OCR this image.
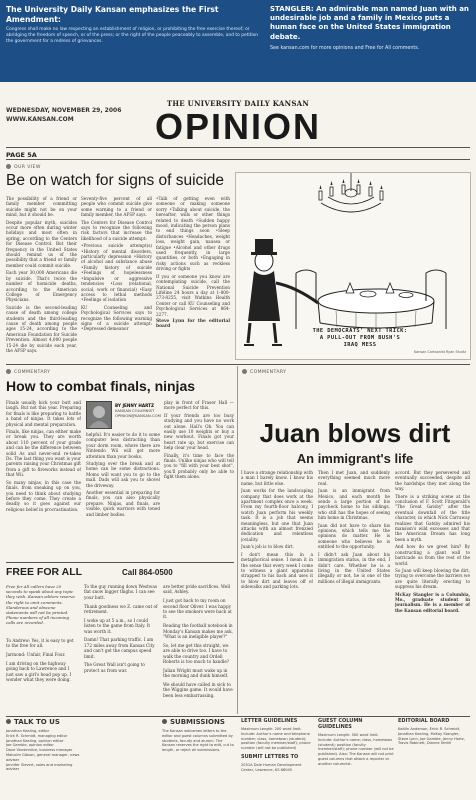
The University Daily Kansan emphasizes the First Amendment:

Congress shall make no law respecting an establishment of religion, or prohibiting the free exercise thereof; or abridging the freedom of speech, or of the press; or the right of the people peaceably to assemble, and to petition the government for a redress of grievances.

STANGLER: An admirable man named Juan with an undesirable job and a family in Mexico puts a human face on the United States immigration debate.

See kansan.com for more opinions and Free for All comments.

WEDNESDAY, NOVEMBER 29, 2006
WWW.KANSAN.COM
THE UNIVERSITY DAILY KANSAN
OPINION
PAGE 5A
OUR VIEW
Be on watch for signs of suicide

The possibility of a friend or family member committing suicide might not be on your mind, but it should be.

Despite popular myth, suicides occur more often during winter holidays and most often in spring, according to the Centers for Disease Control. But their frequency in the United States should remind us of the possibility that a friend or family member could commit suicide.

Each year 30,000 Americans die by suicide. That's twice the number of homicide deaths, according to the American College of Emergency Physicians.

Suicide is the second-leading cause of death among college students and the third-leading cause of death among people ages 15-24, according to the American Foundation for Suicide Prevention. Almost 4,000 people 15-24 die by suicide each year, the AFSP says.

Seventy-five percent of all people who commit suicide give some warning to a friend or family member, the AFSP says.

The Centers for Disease Control says to recognize the following risk factors that increase the likelihood of a suicide attempt:

•Previous suicide attempt(s) •History of mental disorders, particularly depression •History of alcohol and substance abuse •Family history of suicide •Feelings of hopelessness •Impulsive or aggressive tendencies •Loss (relational, social, work or financial) •Easy access to lethal methods •Feelings of isolation

KU Counseling and Psychological Services says to recognize the following warning signs of a suicide attempt: •Depressed demeanor

•Talk of getting even with someone or making someone sorry •Talking about suicide, the hereafter, wills or other things related to death •Sudden happy mood, indicating the person plans to end things soon •Sleep disturbances •Headaches, weight loss, weight gain, nausea or fatigue •Alcohol and other drugs used frequently, in large quantities, or both •Engaging in risky actions such as reckless driving or fights

If you or someone you know are contemplating suicide, call the National Suicide Prevention Lifeline 24 hours a day at 1-800-273-8255, visit Watkins Health Center or call KU Counseling and Psychological Services at 864-2277.

Steve Lynn for the editorial board

THE DEMOCRATS' NEXT TRICK:
A PULL-OUT FROM BUSH'S
IRAQ MESS
Kansan Cartoonist Ryan Shultz
COMMENTARY
How to combat finals, ninjas

Finals usually kick your butt and laugh. But not this year. Preparing for finals is like preparing to battle a band of ninjas. It takes lots of physical and mental preparation.

Finals, like ninjas, can either make or break you. They are worth about 110 percent of your grade and can be the difference between solid As and never-end re-takes Ds. The last thing you want is your parents raising your Christmas gift from a gift to fireworks instead of that Wii.

So many ninjas, in this case the finals, from sneaking up on you, you need to think about studying before they come. They create a deadly so it goes against our religious belief in procrastination.

BY JENNY HARTZ
KANSAN COLUMNIST
OPINION@KANSAN.COM

helpful. It's easier to do it to some computer less distracting than your dorm room, where there are Nintendo Wii will get more attention than your books.

Studying over the break and at home can be some distractions. Moms will want you to go to the mall. Dads will ask you to shovel the driveway.

Another essential in preparing for finals, you can also physically prepare. Ninjas, and finals, are visible, quick warriors with toned and limber bodies.

play in front of Fraser Hall — more perfect for this.

If your friends are too busy studying and you have no work out alone. Hall's Oh. You can easily use 10 weights or buy a new workout. Finals got your heart rate up, but exercise can help clear your head.

Finally, it's time to face the finals. Unlike ninjas who will tell you to "fill with your best shot", you'll probably only be able to fight them alone.

COMMENTARY
Juan blows dirt
An immigrant's life

I have a strange relationship with a man I barely know. I know his name, but little else.

Juan works for the landscaping company that does work at the apartment complex once a week. From my fourth-floor balcony, I watch Juan perform his weekly task. It is a job that seems meaningless, but one that Juan attacks with an almost frenzied dedication and relentless joviality.

Juan's job is to blow dirt.

I don't mean this in a metaphorical sense. I mean it in the sense that every week I come to witness a giant apparatus strapped to his back and uses it to blow dirt and leaves off of sidewalks and parking lots.

Then I met Juan, and suddenly everything seemed much more real.

Juan is an immigrant from Mexico, and each month he sends a large portion of his paycheck home to his siblings, who still has the hopes of seeing him home in Christmas.

Juan did not have to share his opinions, which tells me the opinions do matter. He is someone who believes he is entitled to the opportunity.

I didn't ask Juan about his immigration status, in the end, I didn't care. Whether he is a living in the United States illegally or not, he is one of the millions of illegal immigrants.

accord. But they persevered and eventually succeeded, despite all the hardships they met along the way.

There is a striking scene at the conclusion of F. Scott Fitzgerald's "The Great Gatsby" after the eventual downfall of the title character, in which Nick Carraway realizes that Gatsby admired his mansion's wild excesses and that the American Dream has long been a myth.

And how do we greet him? By constructing a giant wall to barricade us from the rest of the world.

So Juan will keep blowing the dirt, trying to overcome the barriers we are quite literally erecting to suppress his dream.

McKay Stangler is a Columbia, Mo., graduate student in journalism. He is a member of the Kansan editorial board.

FREE FOR ALL	Call 864-0500
Free for All callers have 20 seconds to speak about any topic they wish. Kansan editors reserve the right to omit comments. Slanderous and obscene statements will not be printed. Phone numbers of all incoming calls are recorded.

To Andrew: Yes, it is easy to get to the free for all.

Jarmond: Unfair, Final Four.

I am driving on the highway going back to Lawrence and I just saw a girl's head pop up. I wonder what they were doing.

To the guy running down Westwas flat snow bigger thighs. I can see your butt.

Thank goodness we Z. came out of retirement.

I woke up at 5 a.m., so I could listen to the game from Italy. It was worth it.

Damn! That parking traffic. I am 172 miles away from Kansas City and can't get the campus speed limit.

The Great Wall isn't going to protect us from war.

are better pride sacrifices. Well said, Ashley.

I just got back to my room on second floor Oliver. I was happy to see the smokers were back at it.

Reading the football notebook in Monday's Kansan makes me ask, "What is an ineligible player?"

So, let me get this straight, we are able to drive too. I have to walk the country and Ordell Roberts is too much to handle?

Julian Wright must wake up in the morning and dunk himself.

We should have called in sick to the Wiggins game. It would have been less embarrassing.

TALK TO US
Jonathan Kealing, editor
Erick R. Schmidt, managing editor
Jonathan Kealing, opinion editor
Joe Gamble, opinion editor
Dave Vanderslice, business manager
Malcolm Gibson, general manager, news adviser
Jennifer Sievert, sales and marketing adviser
SUBMISSIONS
The Kansan welcomes letters to the editor and guest columns submitted by students, faculty and alumni. The Kansan reserves the right to edit, cut to length, or reject all submissions.
LETTER GUIDELINES
Maximum Length: 200 word limit. Include: Author's name and telephone number; class, hometown (student); position (faculty member/staff); phone number (will not be published)
SUBMIT LETTERS TO
2051A Dole Human Development Center, Lawrence, KS 66045
GUEST COLUMN GUIDELINES
Maximum Length: 500 word limit. Include: Author's name; class, hometown (student); position (faculty member/staff); phone number (will not be published). Also: The Kansan will not print guest columns that attack a reporter or another columnist.
EDITORIAL BOARD
Kaitlin Anderson, Erick R. Schmidt, Jonathan Kealing, McKay Stangler, Steve Lynn, Joe Gamble, Jenny Hartz, Travis Robinett, Dianne Smith
